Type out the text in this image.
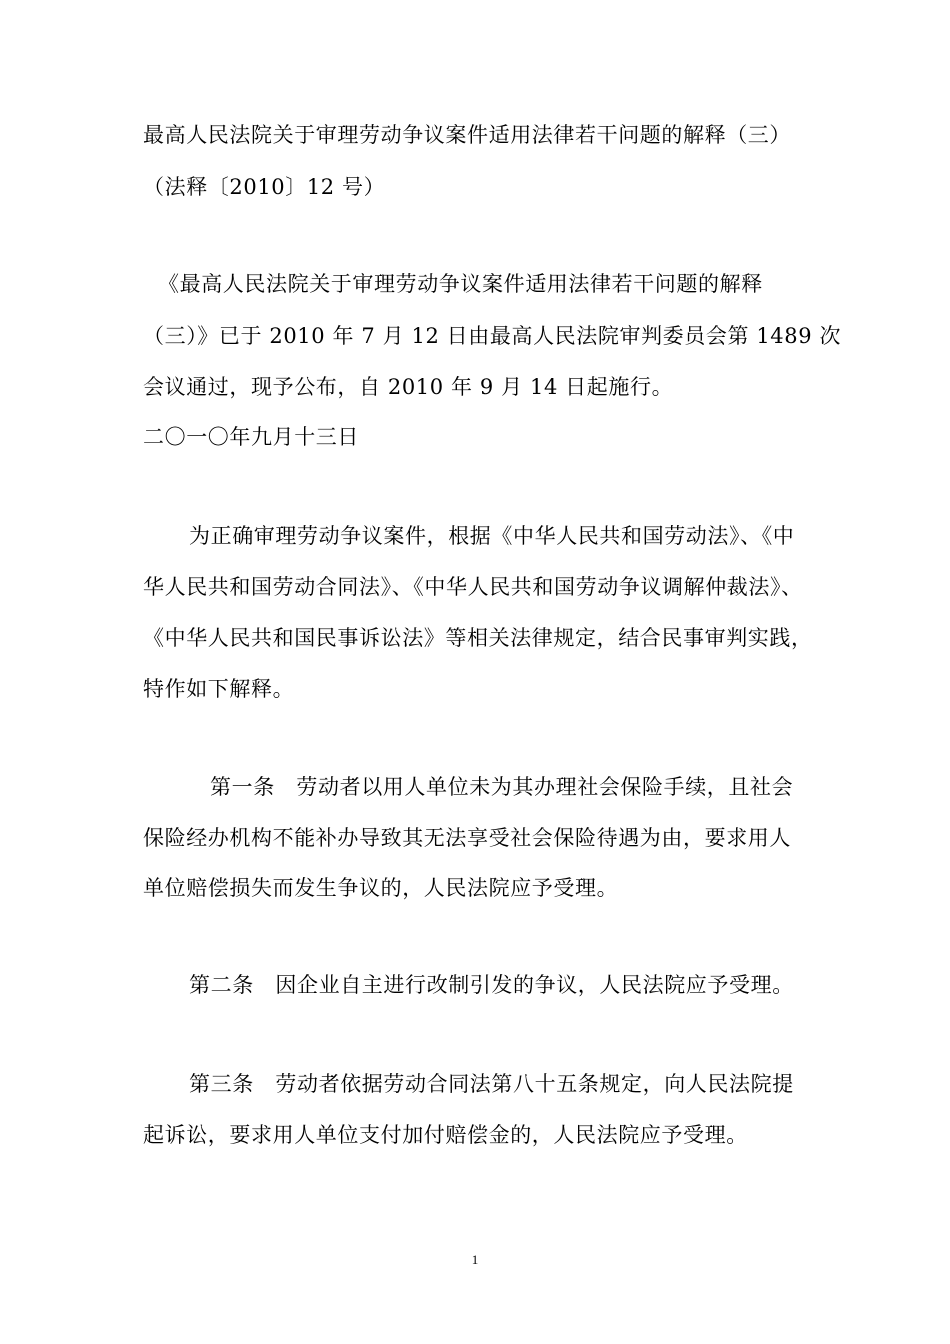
最高人民法院关于审理劳动争议案件适用法律若干问题的解释（三）
（法释〔2010〕12 号）
《最高人民法院关于审理劳动争议案件适用法律若干问题的解释
（三）》已于 2010 年 7 月 12 日由最高人民法院审判委员会第 1489 次
会议通过，现予公布，自 2010 年 9 月 14 日起施行。
二〇一〇年九月十三日
为正确审理劳动争议案件，根据《中华人民共和国劳动法》、《中
华人民共和国劳动合同法》、《中华人民共和国劳动争议调解仲裁法》、
《中华人民共和国民事诉讼法》等相关法律规定，结合民事审判实践，
特作如下解释。
第一条　劳动者以用人单位未为其办理社会保险手续，且社会
保险经办机构不能补办导致其无法享受社会保险待遇为由，要求用人
单位赔偿损失而发生争议的，人民法院应予受理。
第二条　因企业自主进行改制引发的争议，人民法院应予受理。
第三条　劳动者依据劳动合同法第八十五条规定，向人民法院提
起诉讼，要求用人单位支付加付赔偿金的，人民法院应予受理。
1
